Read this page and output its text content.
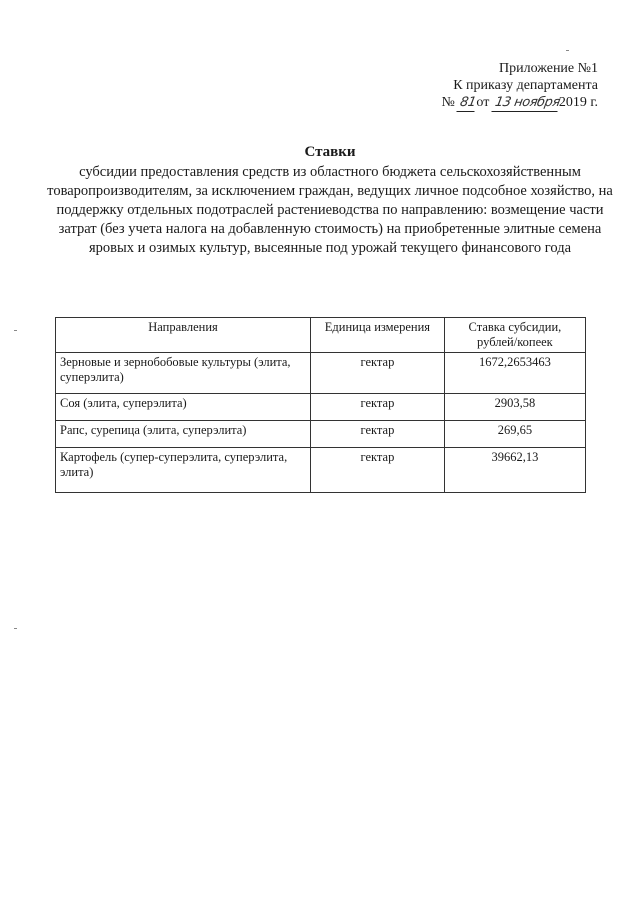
Приложение №1
К приказу департамента
№ 81от 13 ноября2019 г.
Ставки
субсидии предоставления средств из областного бюджета сельскохозяйственным товаропроизводителям, за исключением граждан, ведущих личное подсобное хозяйство, на поддержку отдельных подотраслей растениеводства по направлению: возмещение части затрат (без учета налога на добавленную стоимость) на приобретенные элитные семена яровых и озимых культур, высеянные под урожай текущего финансового года
Направления	Единица измерения	Ставка субсидии, рублей/копеек
Зерновые и зернобобовые культуры (элита, суперэлита)	гектар	1672,2653463
Соя (элита, суперэлита)	гектар	2903,58
Рапс, сурепица (элита, суперэлита)	гектар	269,65
Картофель (супер-суперэлита, суперэлита, элита)	гектар	39662,13
